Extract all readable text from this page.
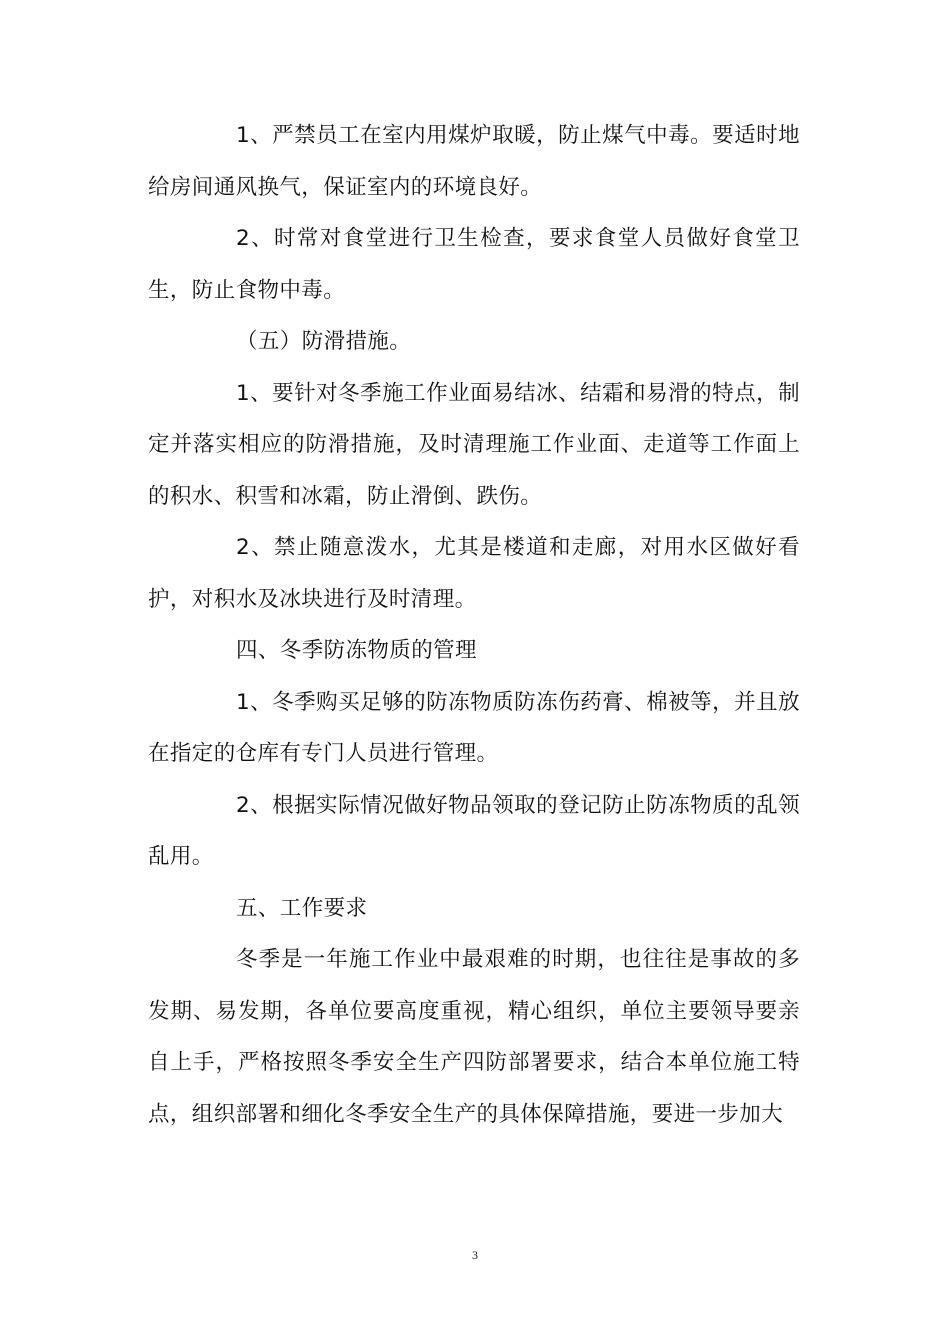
1、严禁员工在室内用煤炉取暖，防止煤气中毒。要适时地给房间通风换气，保证室内的环境良好。

2、时常对食堂进行卫生检查，要求食堂人员做好食堂卫生，防止食物中毒。

（五）防滑措施。

1、要针对冬季施工作业面易结冰、结霜和易滑的特点，制定并落实相应的防滑措施，及时清理施工作业面、走道等工作面上的积水、积雪和冰霜，防止滑倒、跌伤。

2、禁止随意泼水，尤其是楼道和走廊，对用水区做好看护，对积水及冰块进行及时清理。

四、冬季防冻物质的管理

1、冬季购买足够的防冻物质防冻伤药膏、棉被等，并且放在指定的仓库有专门人员进行管理。

2、根据实际情况做好物品领取的登记防止防冻物质的乱领乱用。

五、工作要求

冬季是一年施工作业中最艰难的时期，也往往是事故的多发期、易发期，各单位要高度重视，精心组织，单位主要领导要亲自上手，严格按照冬季安全生产四防部署要求，结合本单位施工特点，组织部署和细化冬季安全生产的具体保障措施，要进一步加大

3
